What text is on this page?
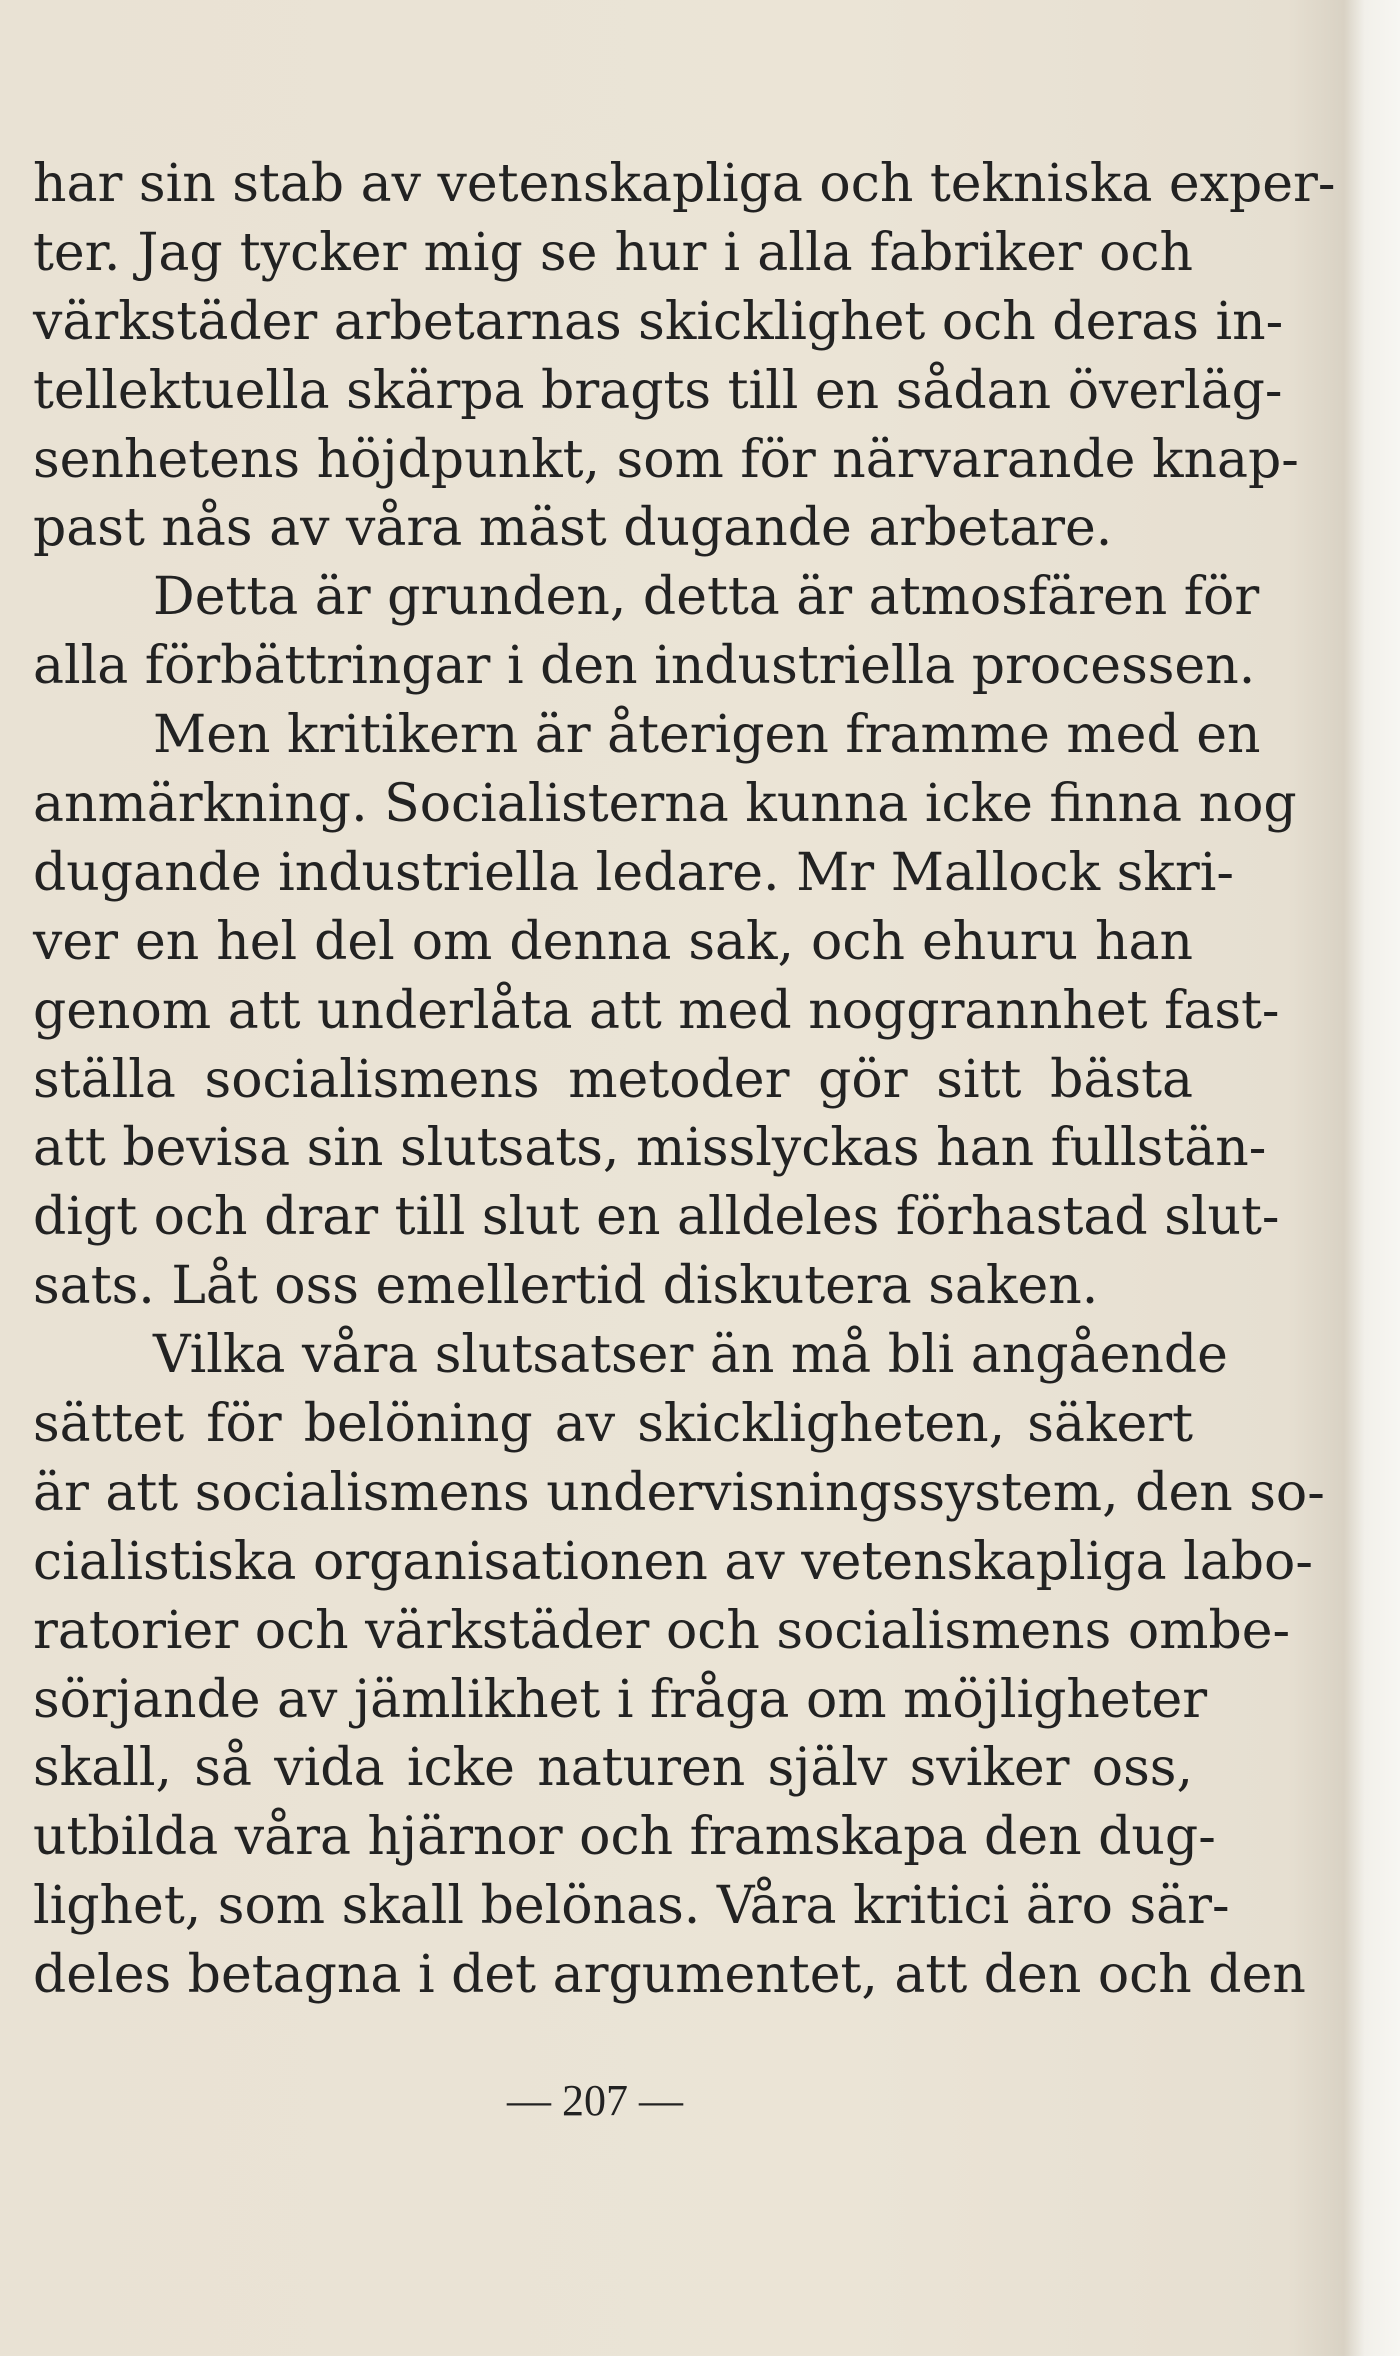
har sin stab av vetenskapliga och tekniska exper-
ter. Jag tycker mig se hur i alla fabriker och
värkstäder arbetarnas skicklighet och deras in-
tellektuella skärpa bragts till en sådan överläg-
senhetens höjdpunkt, som för närvarande knap-
past nås av våra mäst dugande arbetare.
Detta är grunden, detta är atmosfären för
alla förbättringar i den industriella processen.
Men kritikern är återigen framme med en
anmärkning. Socialisterna kunna icke finna nog
dugande industriella ledare. Mr Mallock skri-
ver en hel del om denna sak, och ehuru han
genom att underlåta att med noggrannhet fast-
ställa socialismens metoder gör sitt bästa
att bevisa sin slutsats, misslyckas han fullstän-
digt och drar till slut en alldeles förhastad slut-
sats. Låt oss emellertid diskutera saken.
Vilka våra slutsatser än må bli angående
sättet för belöning av skickligheten, säkert
är att socialismens undervisningssystem, den so-
cialistiska organisationen av vetenskapliga labo-
ratorier och värkstäder och socialismens ombe-
sörjande av jämlikhet i fråga om möjligheter
skall, så vida icke naturen själv sviker oss,
utbilda våra hjärnor och framskapa den dug-
lighet, som skall belönas. Våra kritici äro sär-
deles betagna i det argumentet, att den och den
— 207 —
